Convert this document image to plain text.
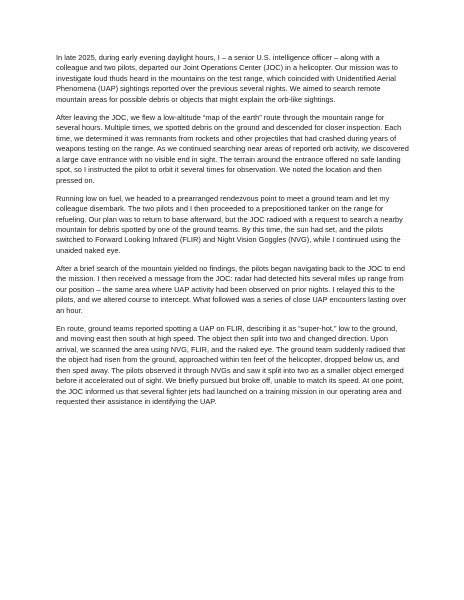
In late 2025, during early evening daylight hours, I – a senior U.S. intelligence officer – along with a colleague and two pilots, departed our Joint Operations Center (JOC) in a helicopter. Our mission was to investigate loud thuds heard in the mountains on the test range, which coincided with Unidentified Aerial Phenomena (UAP) sightings reported over the previous several nights. We aimed to search remote mountain areas for possible debris or objects that might explain the orb-like sightings.

After leaving the JOC, we flew a low-altitude “map of the earth” route through the mountain range for several hours. Multiple times, we spotted debris on the ground and descended for closer inspection. Each time, we determined it was remnants from rockets and other projectiles that had crashed during years of weapons testing on the range. As we continued searching near areas of reported orb activity, we discovered a large cave entrance with no visible end in sight. The terrain around the entrance offered no safe landing spot, so I instructed the pilot to orbit it several times for observation. We noted the location and then pressed on.

Running low on fuel, we headed to a prearranged rendezvous point to meet a ground team and let my colleague disembark. The two pilots and I then proceeded to a prepositioned tanker on the range for refueling. Our plan was to return to base afterward, but the JOC radioed with a request to search a nearby mountain for debris spotted by one of the ground teams. By this time, the sun had set, and the pilots switched to Forward Looking Infrared (FLIR) and Night Vision Goggles (NVG), while I continued using the unaided naked eye.

After a brief search of the mountain yielded no findings, the pilots began navigating back to the JOC to end the mission. I then received a message from the JOC: radar had detected hits several miles up range from our position – the same area where UAP activity had been observed on prior nights. I relayed this to the pilots, and we altered course to intercept. What followed was a series of close UAP encounters lasting over an hour.

En route, ground teams reported spotting a UAP on FLIR, describing it as “super-hot,” low to the ground, and moving east then south at high speed. The object then split into two and changed direction. Upon arrival, we scanned the area using NVG, FLIR, and the naked eye. The ground team suddenly radioed that the object had risen from the ground, approached within ten feet of the helicopter, dropped below us, and then sped away. The pilots observed it through NVGs and saw it split into two as a smaller object emerged before it accelerated out of sight. We briefly pursued but broke off, unable to match its speed. At one point, the JOC informed us that several fighter jets had launched on a training mission in our operating area and requested their assistance in identifying the UAP.
